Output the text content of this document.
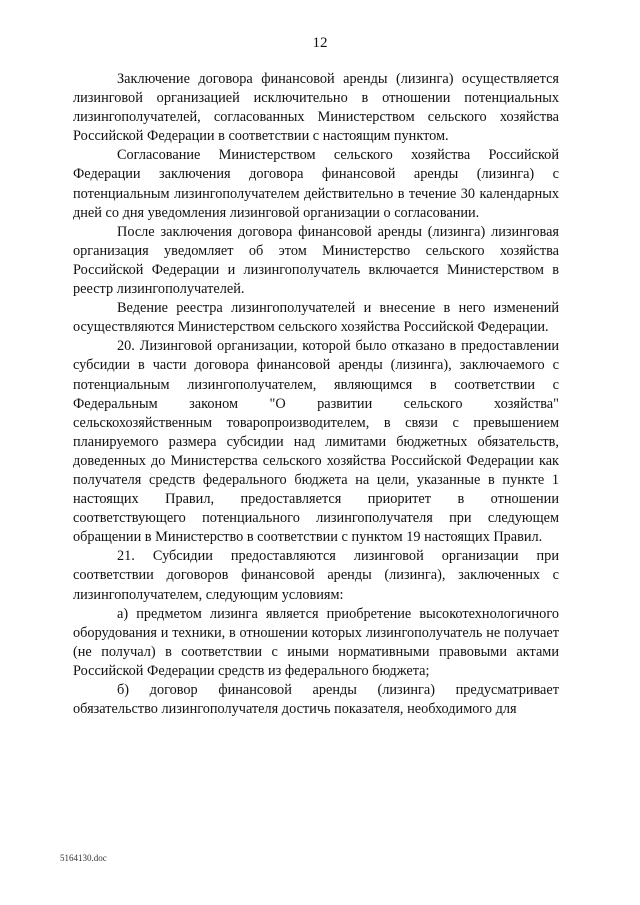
12

Заключение договора финансовой аренды (лизинга) осуществляется лизинговой организацией исключительно в отношении потенциальных лизингополучателей, согласованных Министерством сельского хозяйства Российской Федерации в соответствии с настоящим пунктом.

Согласование Министерством сельского хозяйства Российской Федерации заключения договора финансовой аренды (лизинга) с потенциальным лизингополучателем действительно в течение 30 календарных дней со дня уведомления лизинговой организации о согласовании.

После заключения договора финансовой аренды (лизинга) лизинговая организация уведомляет об этом Министерство сельского хозяйства Российской Федерации и лизингополучатель включается Министерством в реестр лизингополучателей.

Ведение реестра лизингополучателей и внесение в него изменений осуществляются Министерством сельского хозяйства Российской Федерации.

20. Лизинговой организации, которой было отказано в предоставлении субсидии в части договора финансовой аренды (лизинга), заключаемого с потенциальным лизингополучателем, являющимся в соответствии с Федеральным законом "О развитии сельского хозяйства" сельскохозяйственным товаропроизводителем, в связи с превышением планируемого размера субсидии над лимитами бюджетных обязательств, доведенных до Министерства сельского хозяйства Российской Федерации как получателя средств федерального бюджета на цели, указанные в пункте 1 настоящих Правил, предоставляется приоритет в отношении соответствующего потенциального лизингополучателя при следующем обращении в Министерство в соответствии с пунктом 19 настоящих Правил.

21. Субсидии предоставляются лизинговой организации при соответствии договоров финансовой аренды (лизинга), заключенных с лизингополучателем, следующим условиям:

а) предметом лизинга является приобретение высокотехнологичного оборудования и техники, в отношении которых лизингополучатель не получает (не получал) в соответствии с иными нормативными правовыми актами Российской Федерации средств из федерального бюджета;

б) договор финансовой аренды (лизинга) предусматривает обязательство лизингополучателя достичь показателя, необходимого для

5164130.doc
